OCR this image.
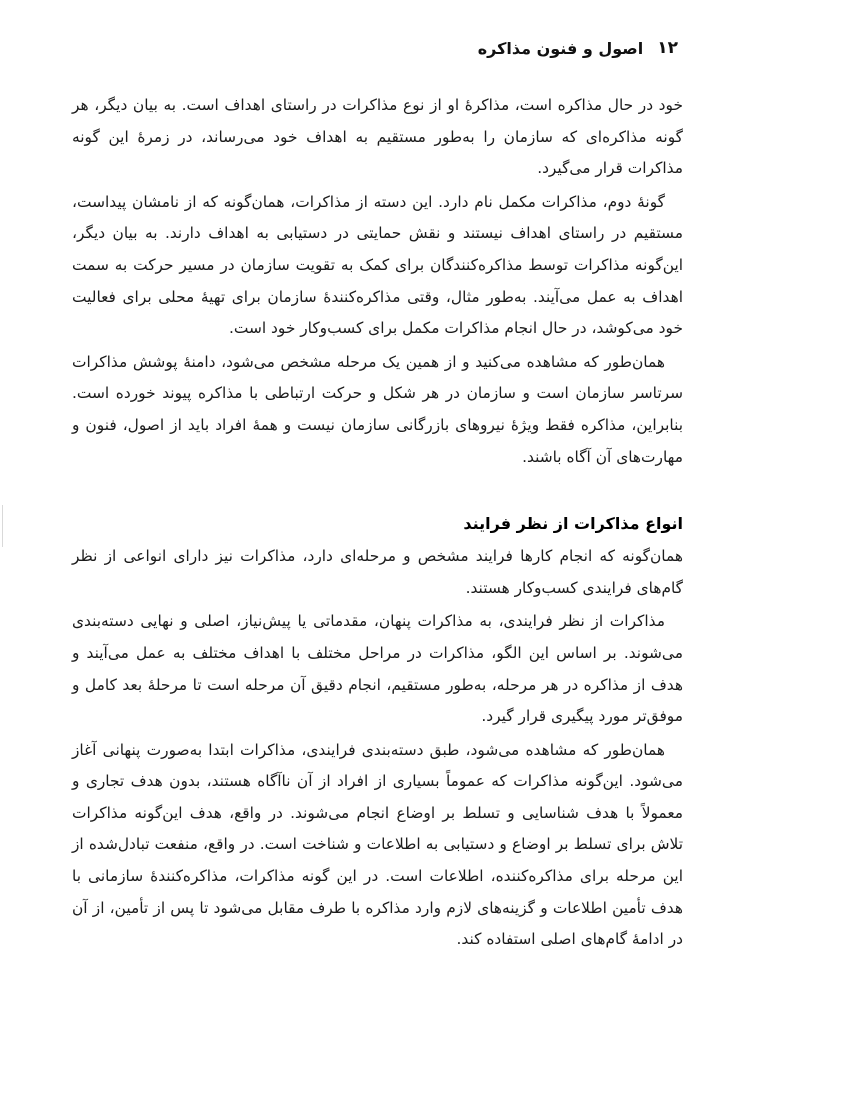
۱۲
اصول و فنون مذاکره

خود در حال مذاکره است، مذاکرهٔ او از نوع مذاکرات در راستای اهداف است. به بیان دیگر، هر گونه مذاکره‌ای که سازمان را به‌طور مستقیم به اهداف خود می‌رساند، در زمرهٔ این گونه مذاکرات قرار می‌گیرد.

گونهٔ دوم، مذاکرات مکمل نام دارد. این دسته از مذاکرات، همان‌گونه که از نامشان پیداست، مستقیم در راستای اهداف نیستند و نقش حمایتی در دستیابی به اهداف دارند. به بیان دیگر، این‌گونه مذاکرات توسط مذاکره‌کنندگان برای کمک به تقویت سازمان در مسیر حرکت به سمت اهداف به عمل می‌آیند. به‌طور مثال، وقتی مذاکره‌کنندهٔ سازمان برای تهیهٔ محلی برای فعالیت خود می‌کوشد، در حال انجام مذاکرات مکمل برای کسب‌وکار خود است.

همان‌طور که مشاهده می‌کنید و از همین یک مرحله مشخص می‌شود، دامنهٔ پوشش مذاکرات سرتاسر سازمان است و سازمان در هر شکل و حرکت ارتباطی با مذاکره پیوند خورده است. بنابراین، مذاکره فقط ویژهٔ نیروهای بازرگانی سازمان نیست و همهٔ افراد باید از اصول، فنون و مهارت‌های آن آگاه باشند.

انواع مذاکرات از نظر فرایند

همان‌گونه که انجام کارها فرایند مشخص و مرحله‌ای دارد، مذاکرات نیز دارای انواعی از نظر گام‌های فرایندی کسب‌وکار هستند.

مذاکرات از نظر فرایندی، به مذاکرات پنهان، مقدماتی یا پیش‌نیاز، اصلی و نهایی دسته‌بندی می‌شوند. بر اساس این الگو، مذاکرات در مراحل مختلف با اهداف مختلف به عمل می‌آیند و هدف از مذاکره در هر مرحله، به‌طور مستقیم، انجام دقیق آن مرحله است تا مرحلهٔ بعد کامل و موفق‌تر مورد پیگیری قرار گیرد.

همان‌طور که مشاهده می‌شود، طبق دسته‌بندی فرایندی، مذاکرات ابتدا به‌صورت پنهانی آغاز می‌شود. این‌گونه مذاکرات که عموماً بسیاری از افراد از آن ناآگاه هستند، بدون هدف تجاری و معمولاً با هدف شناسایی و تسلط بر اوضاع انجام می‌شوند. در واقع، هدف این‌گونه مذاکرات تلاش برای تسلط بر اوضاع و دستیابی به اطلاعات و شناخت است. در واقع، منفعت تبادل‌شده از این مرحله برای مذاکره‌کننده، اطلاعات است. در این گونه مذاکرات، مذاکره‌کنندهٔ سازمانی با هدف تأمین اطلاعات و گزینه‌های لازم وارد مذاکره با طرف مقابل می‌شود تا پس از تأمین، از آن در ادامهٔ گام‌های اصلی استفاده کند.
